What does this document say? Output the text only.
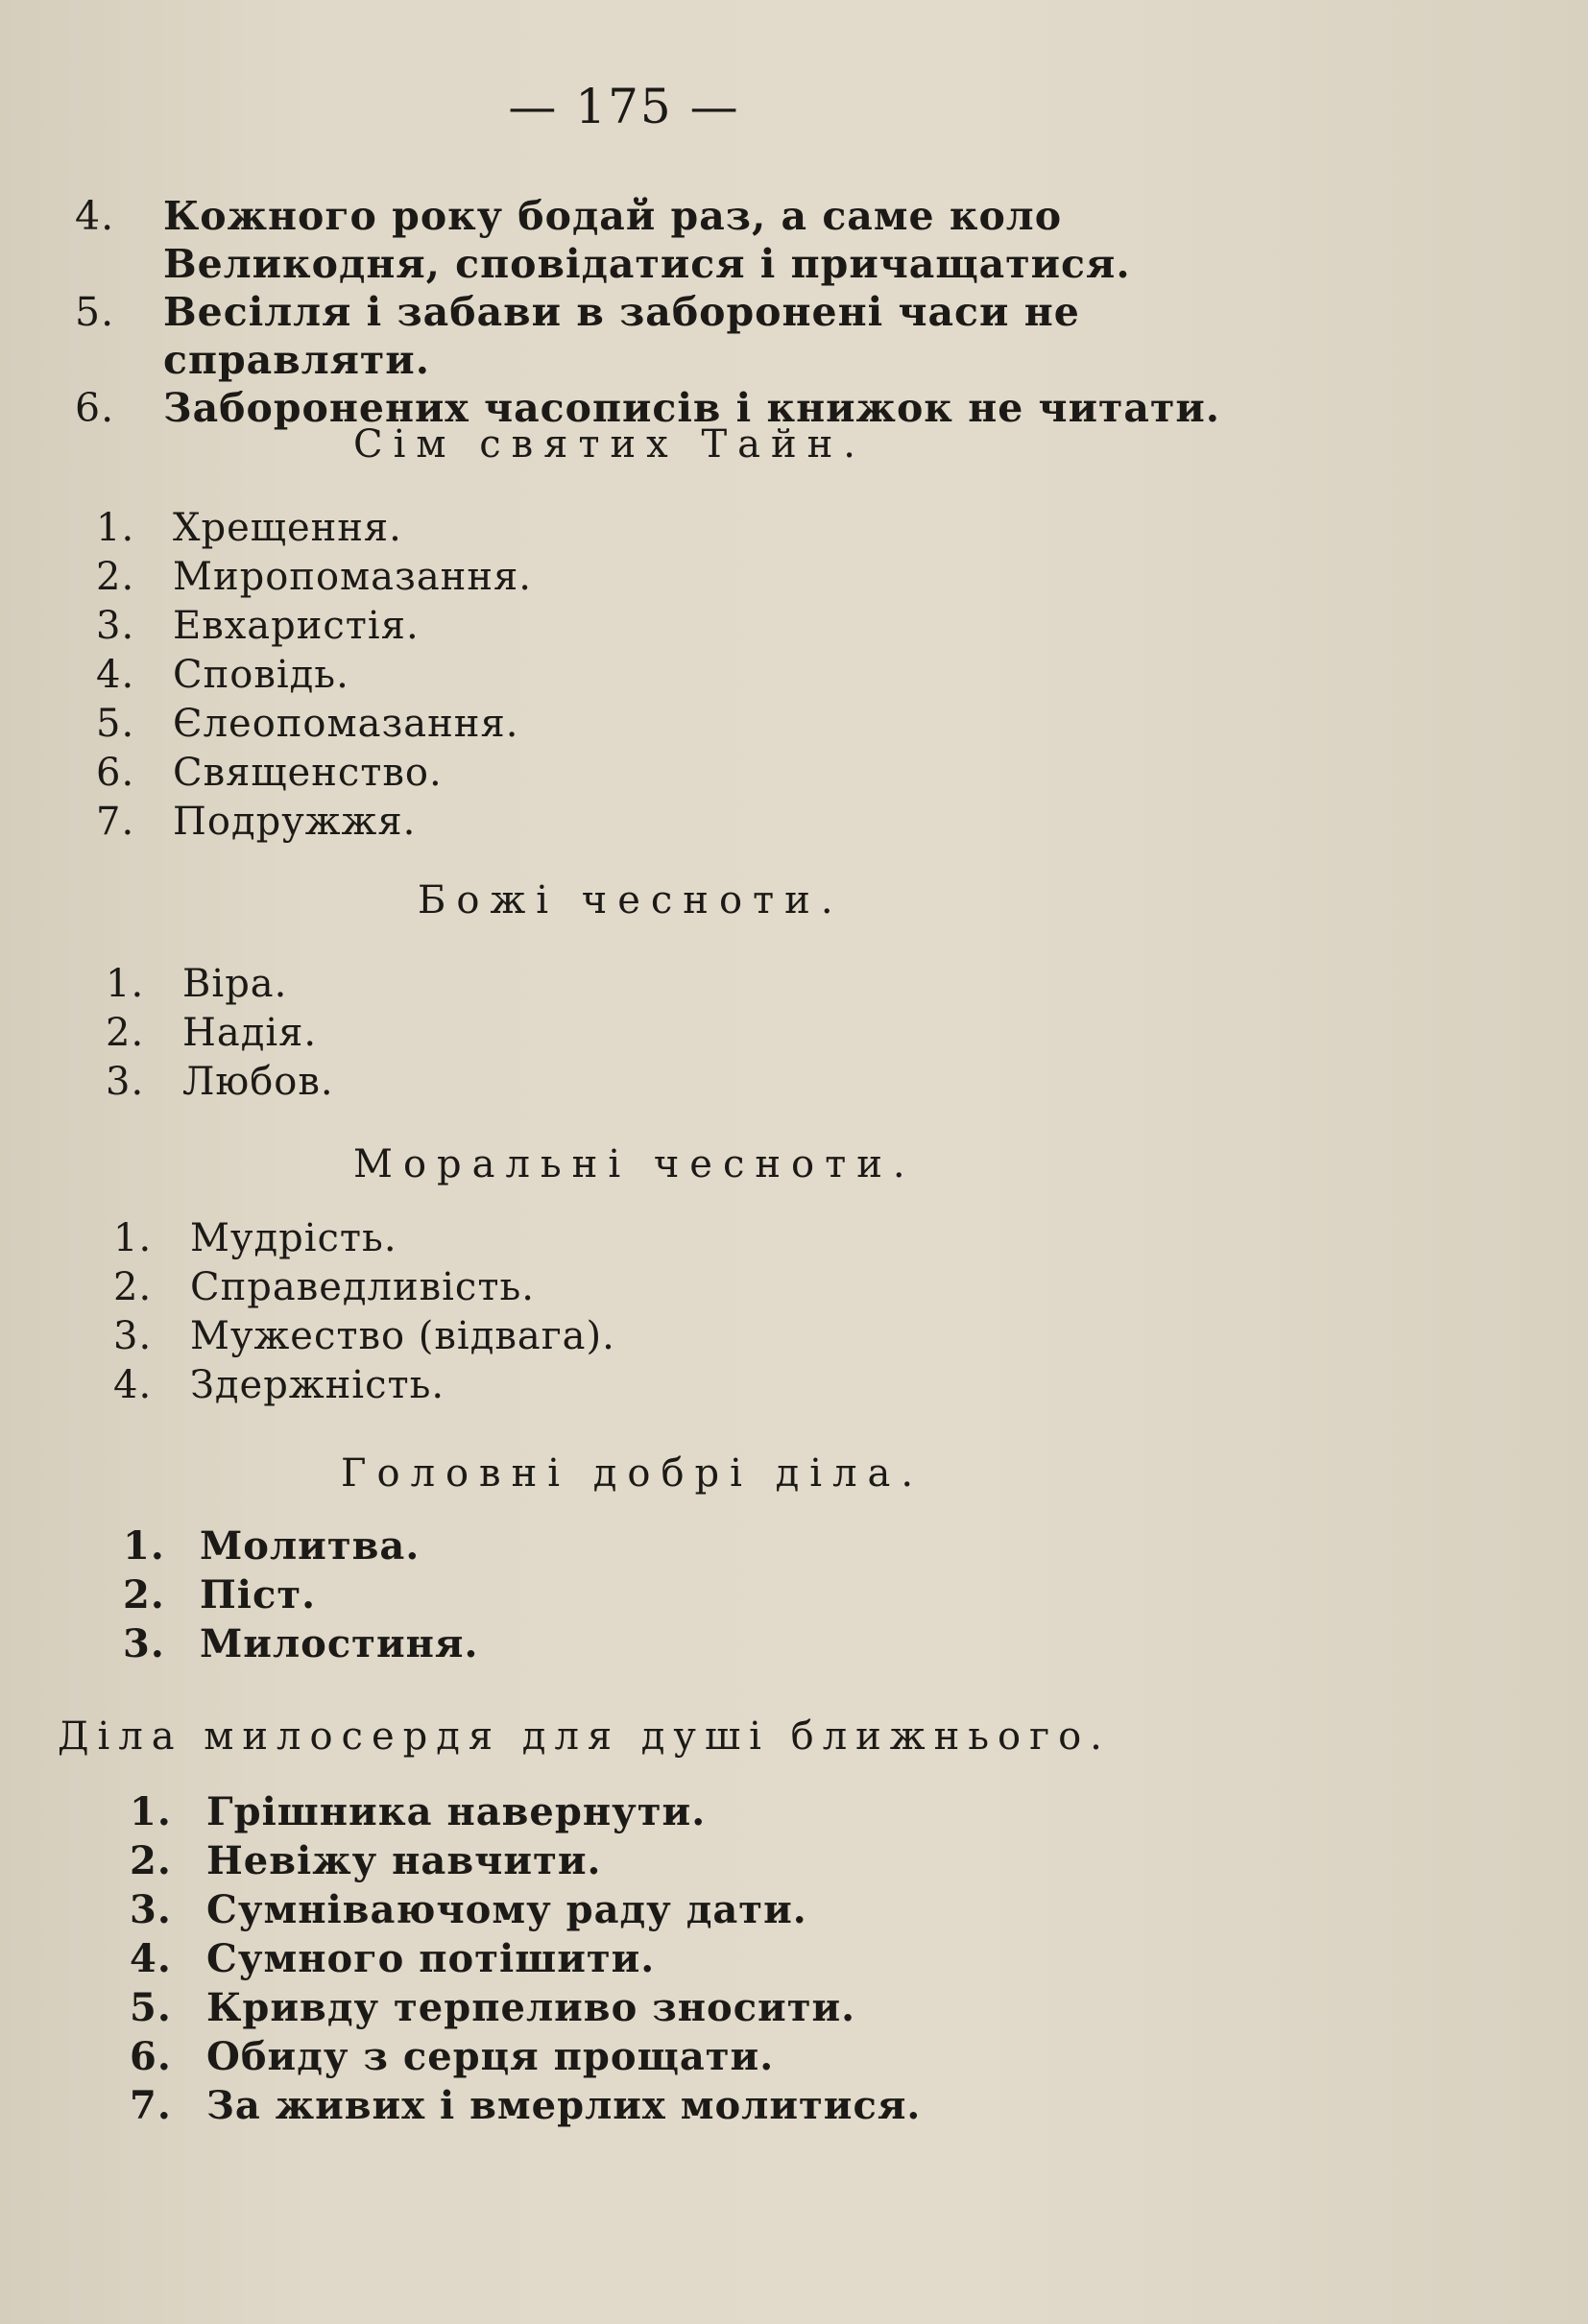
— 175 —
4.	Кожного року бодай раз, а саме коло Великодня, сповідатися і причащатися.
5.	Весілля і забави в заборонені часи не справляти.
6.	Заборонених часописів і книжок не читати.
Сім святих Тайн.
1. Хрещення.
2. Миропомазання.
3. Евхаристія.
4. Сповідь.
5. Єлеопомазання.
6. Священство.
7. Подружжя.
Божі чесноти.
1. Віра.
2. Надія.
3. Любов.
Моральні чесноти.
1. Мудрість.
2. Справедливість.
3. Мужество (відвага).
4. Здержність.
Головні добрі діла.
1. Молитва.
2. Піст.
3. Милостиня.
Діла милосердя для душі ближнього.
1. Грішника навернути.
2. Невіжу навчити.
3. Сумніваючому раду дати.
4. Сумного потішити.
5. Кривду терпеливо зносити.
6. Обиду з серця прощати.
7. За живих і вмерлих молитися.
